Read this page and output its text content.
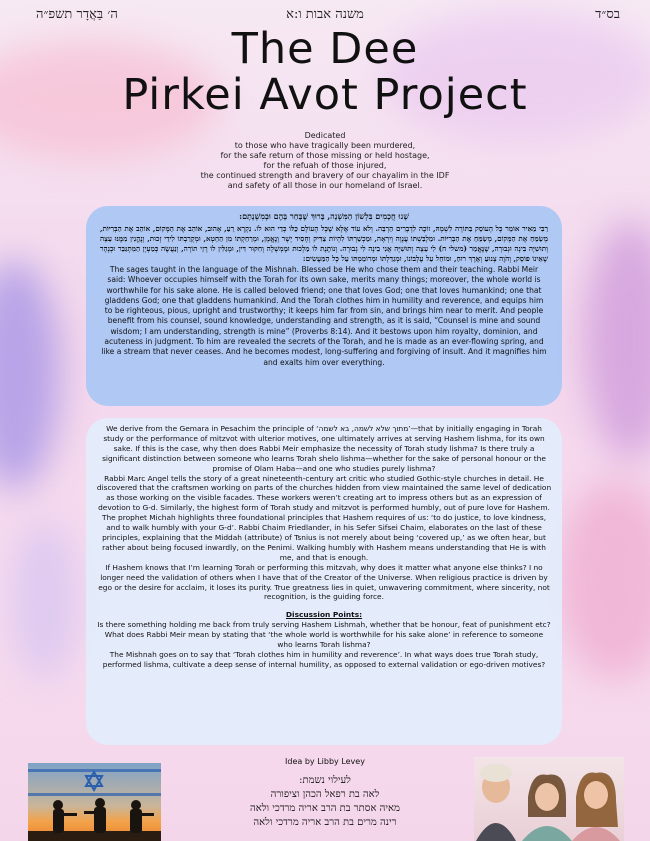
בס״ד
משנה אבות ו:א
ה׳ בַּאֲדָר תשפ״ה
The Dee
Pirkei Avot Project
Dedicated
to those who have tragically been murdered,
for the safe return of those missing or held hostage,
for the refuah of those injured,
the continued strength and bravery of our chayalim in the IDF
and safety of all those in our homeland of Israel.
שָׁנוּ חֲכָמִים בִּלְשׁוֹן הַמִּשְׁנָה, בָּרוּךְ שֶׁבָּחַר בָּהֶם וּבְמִשְׁנָתָם:
רַבִּי מֵאִיר אוֹמֵר כָּל הָעוֹסֵק בַּתּוֹרָה לִשְׁמָהּ, זוֹכֶה לִדְבָרִים הַרְבֵּה. וְלֹא עוֹד אֶלָּא שֶׁכָּל הָעוֹלָם כֻּלּוֹ כְּדַי הוּא לוֹ. נִקְרָא רֵעַ, אָהוּב, אוֹהֵב אֶת הַמָּקוֹם, אוֹהֵב אֶת הַבְּרִיּוֹת, מְשַׂמֵּחַ אֶת הַמָּקוֹם, מְשַׂמֵּחַ אֶת הַבְּרִיּוֹת. וּמַלְבַּשְׁתּוֹ עֲנָוָה וְיִרְאָה, וּמַכְשַׁרְתּוֹ לִהְיוֹת צַדִּיק וְחָסִיד יָשָׁר וְנֶאֱמָן, וּמְרַחַקְתּוֹ מִן הַחֵטְא, וּמְקָרַבְתּוֹ לִידֵי זְכוּת, וְנֶהֱנִין מִמֶּנּוּ עֵצָה וְתוּשִׁיָּה בִּינָה וּגְבוּרָה, שֶׁנֶּאֱמַר (משלי ח) לִי עֵצָה וְתוּשִׁיָּה אֲנִי בִינָה לִי גְבוּרָה. וְנוֹתֶנֶת לוֹ מַלְכוּת וּמֶמְשָׁלָה וְחִקּוּר דִּין, וּמְגַלִּין לוֹ רָזֵי תוֹרָה, וְנַעֲשֶׂה כְּמַעְיָן הַמִּתְגַּבֵּר וּכְנָהָר שֶׁאֵינוֹ פוֹסֵק, וְהֹוֶה צָנוּעַ וְאֶרֶךְ רוּחַ, וּמוֹחֵל עַל עֶלְבּוֹנוֹ, וּמְגַדַּלְתּוֹ וּמְרוֹמַמְתּוֹ עַל כָּל הַמַּעֲשִׂים:
The sages taught in the language of the Mishnah. Blessed be He who chose them and their teaching. Rabbi Meir said: Whoever occupies himself with the Torah for its own sake, merits many things; moreover, the whole world is worthwhile for his sake alone. He is called beloved friend; one that loves God; one that loves humankind; one that gladdens God; one that gladdens humankind. And the Torah clothes him in humility and reverence, and equips him to be righteous, pious, upright and trustworthy; it keeps him far from sin, and brings him near to merit. And people benefit from his counsel, sound knowledge, understanding and strength, as it is said, “Counsel is mine and sound wisdom; I am understanding, strength is mine” (Proverbs 8:14). And it bestows upon him royalty, dominion, and acuteness in judgment. To him are revealed the secrets of the Torah, and he is made as an ever-flowing spring, and like a stream that never ceases. And he becomes modest, long-suffering and forgiving of insult. And it magnifies him and exalts him over everything.

We derive from the Gemara in Pesachim the principle of ‘מתוך שלא לשמה, בא לשמה’—that by initially engaging in Torah study or the performance of mitzvot with ulterior motives, one ultimately arrives at serving Hashem lishma, for its own sake. If this is the case, why then does Rabbi Meir emphasize the necessity of Torah study lishma? Is there truly a significant distinction between someone who learns Torah shelo lishma—whether for the sake of personal honour or the promise of Olam Haba—and one who studies purely lishma?

Rabbi Marc Angel tells the story of a great nineteenth-century art critic who studied Gothic-style churches in detail. He discovered that the craftsmen working on parts of the churches hidden from view maintained the same level of dedication as those working on the visible facades. These workers weren’t creating art to impress others but as an expression of devotion to G-d. Similarly, the highest form of Torah study and mitzvot is performed humbly, out of pure love for Hashem.

The prophet Michah highlights three foundational principles that Hashem requires of us: ‘to do justice, to love kindness, and to walk humbly with your G-d’. Rabbi Chaim Friedlander, in his Sefer Sifsei Chaim, elaborates on the last of these principles, explaining that the Middah (attribute) of Tsnius is not merely about being ‘covered up,’ as we often hear, but rather about being focused inwardly, on the Penimi. Walking humbly with Hashem means understanding that He is with me, and that is enough.

If Hashem knows that I’m learning Torah or performing this mitzvah, why does it matter what anyone else thinks? I no longer need the validation of others when I have that of the Creator of the Universe. When religious practice is driven by ego or the desire for acclaim, it loses its purity. True greatness lies in quiet, unwavering commitment, where sincerity, not recognition, is the guiding force.

Discussion Points:

Is there something holding me back from truly serving Hashem Lishmah, whether that be honour, feat of punishment etc?

What does Rabbi Meir mean by stating that ‘the whole world is worthwhile for his sake alone’ in reference to someone who learns Torah lishma?

The Mishnah goes on to say that ‘Torah clothes him in humility and reverence’. In what ways does true Torah study, performed lishma, cultivate a deep sense of internal humility, as opposed to external validation or ego-driven motives?

Idea by Libby Levey
לעילוי נשמת:
לאה בת רפאל הכהן וציפורה
מאיה אסתר בת הרב אריה מרדכי ולאה
רינה מרים בת הרב אריה מרדכי ולאה
